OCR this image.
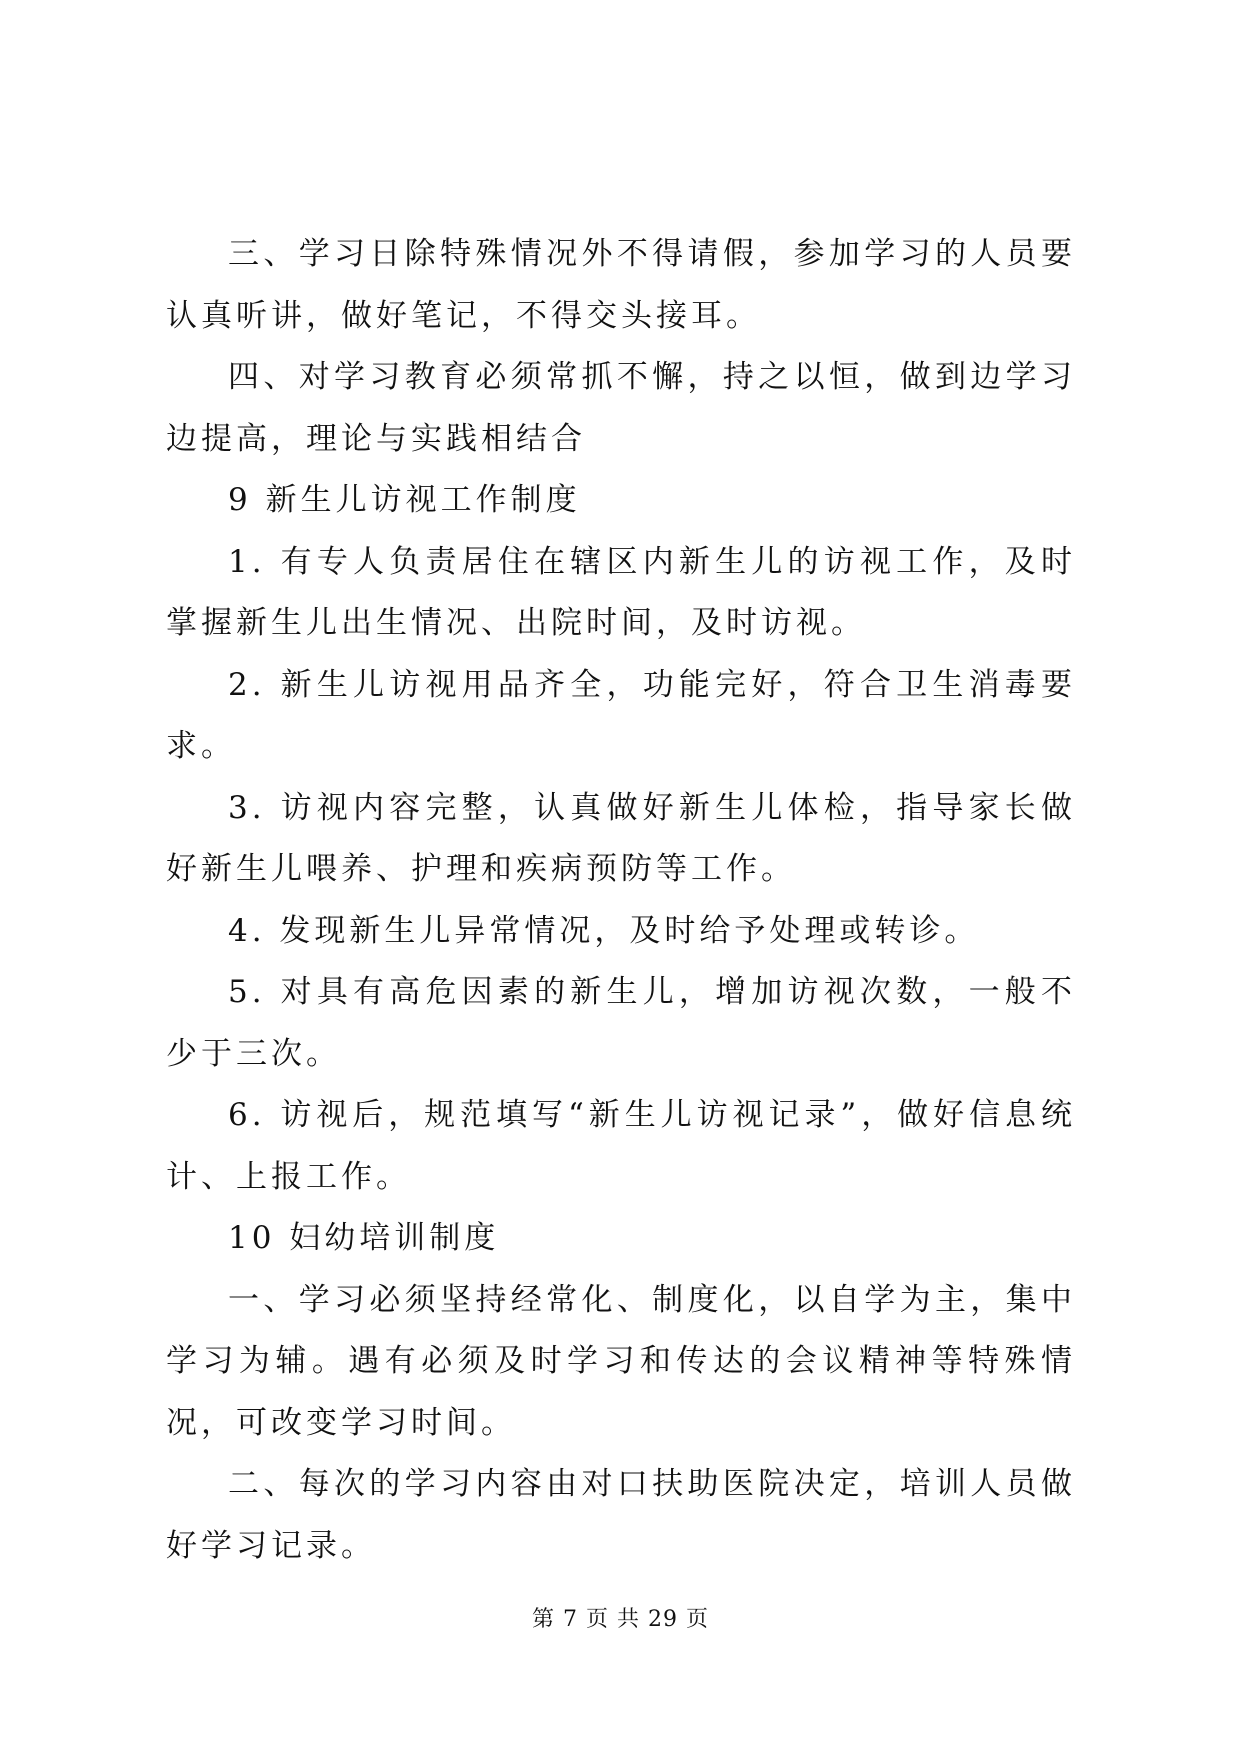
三、学习日除特殊情况外不得请假，参加学习的人员要认真听讲，做好笔记，不得交头接耳。

四、对学习教育必须常抓不懈，持之以恒，做到边学习边提高，理论与实践相结合

9 新生儿访视工作制度

1. 有专人负责居住在辖区内新生儿的访视工作，及时掌握新生儿出生情况、出院时间，及时访视。

2. 新生儿访视用品齐全，功能完好，符合卫生消毒要求。

3. 访视内容完整，认真做好新生儿体检，指导家长做好新生儿喂养、护理和疾病预防等工作。

4. 发现新生儿异常情况，及时给予处理或转诊。

5. 对具有高危因素的新生儿，增加访视次数，一般不少于三次。

6. 访视后，规范填写“新生儿访视记录”，做好信息统计、上报工作。

10 妇幼培训制度

一、学习必须坚持经常化、制度化，以自学为主，集中学习为辅。遇有必须及时学习和传达的会议精神等特殊情况，可改变学习时间。

二、每次的学习内容由对口扶助医院决定，培训人员做好学习记录。

第 7 页 共 29 页
